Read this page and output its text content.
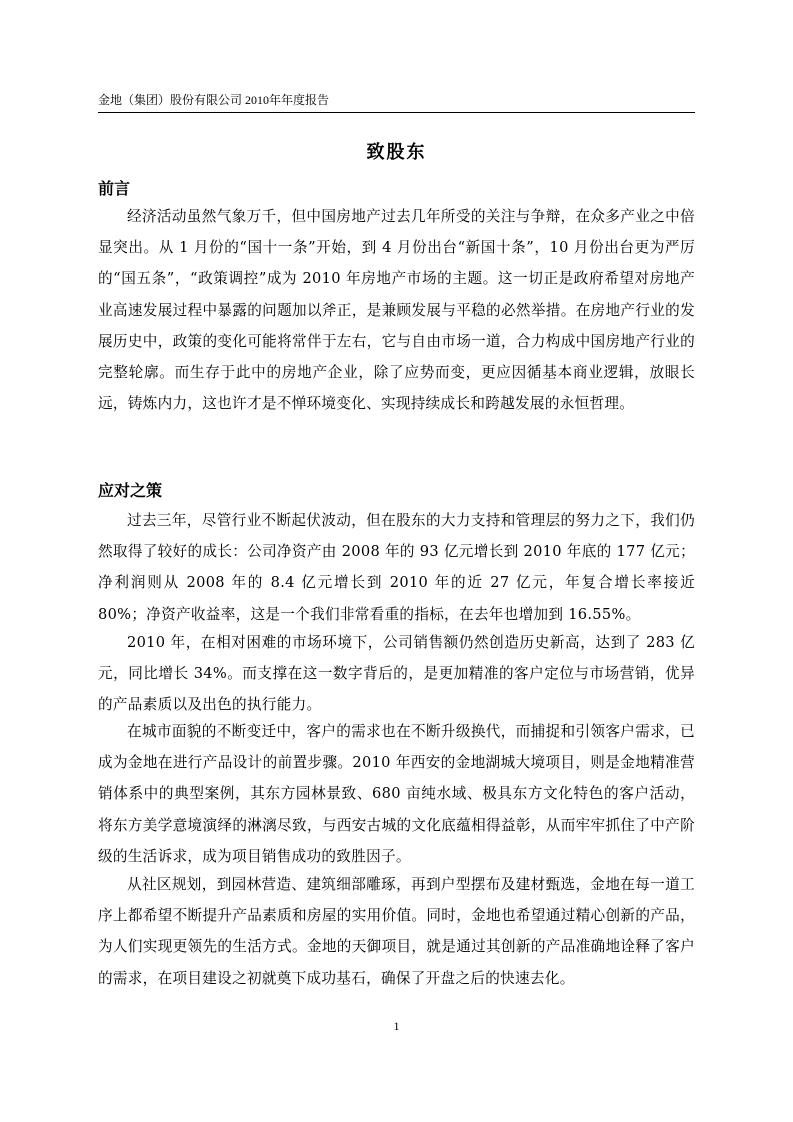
金地（集团）股份有限公司 2010年年度报告
致股东
前言

经济活动虽然气象万千，但中国房地产过去几年所受的关注与争辩，在众多产业之中倍显突出。从 1 月份的“国十一条”开始，到 4 月份出台“新国十条”，10 月份出台更为严厉的“国五条”，“政策调控”成为 2010 年房地产市场的主题。这一切正是政府希望对房地产业高速发展过程中暴露的问题加以斧正，是兼顾发展与平稳的必然举措。在房地产行业的发展历史中，政策的变化可能将常伴于左右，它与自由市场一道，合力构成中国房地产行业的完整轮廓。而生存于此中的房地产企业，除了应势而变，更应因循基本商业逻辑，放眼长远，铸炼内力，这也许才是不惮环境变化、实现持续成长和跨越发展的永恒哲理。

应对之策

过去三年，尽管行业不断起伏波动，但在股东的大力支持和管理层的努力之下，我们仍然取得了较好的成长：公司净资产由 2008 年的 93 亿元增长到 2010 年底的 177 亿元；净利润则从 2008 年的 8.4 亿元增长到 2010 年的近 27 亿元，年复合增长率接近 80%；净资产收益率，这是一个我们非常看重的指标，在去年也增加到 16.55%。

2010 年，在相对困难的市场环境下，公司销售额仍然创造历史新高，达到了 283 亿元，同比增长 34%。而支撑在这一数字背后的，是更加精准的客户定位与市场营销，优异的产品素质以及出色的执行能力。

在城市面貌的不断变迁中，客户的需求也在不断升级换代，而捕捉和引领客户需求，已成为金地在进行产品设计的前置步骤。2010 年西安的金地湖城大境项目，则是金地精准营销体系中的典型案例，其东方园林景致、680 亩纯水域、极具东方文化特色的客户活动，将东方美学意境演绎的淋漓尽致，与西安古城的文化底蕴相得益彰，从而牢牢抓住了中产阶级的生活诉求，成为项目销售成功的致胜因子。

从社区规划，到园林营造、建筑细部雕琢，再到户型摆布及建材甄选，金地在每一道工序上都希望不断提升产品素质和房屋的实用价值。同时，金地也希望通过精心创新的产品，为人们实现更领先的生活方式。金地的天御项目，就是通过其创新的产品准确地诠释了客户的需求，在项目建设之初就奠下成功基石，确保了开盘之后的快速去化。

1
